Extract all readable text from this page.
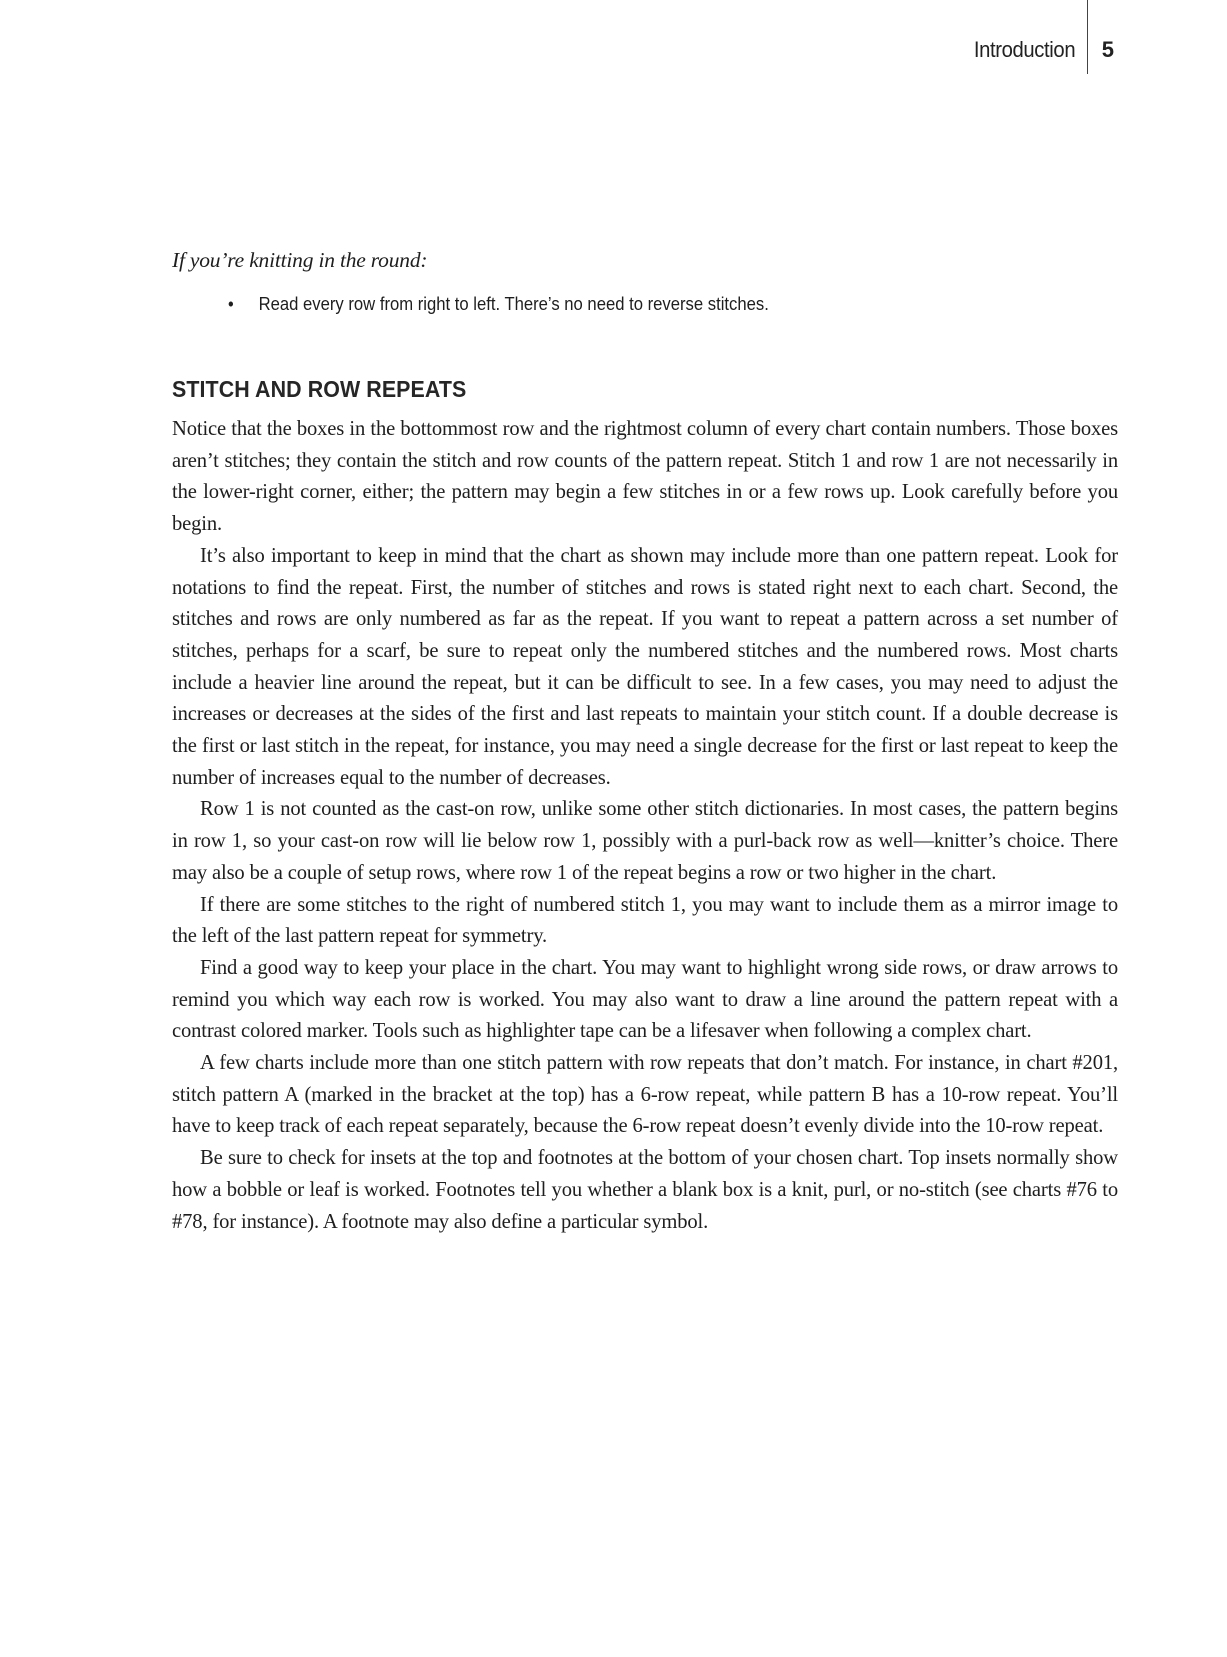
Introduction	5

If you’re knitting in the round:

• Read every row from right to left. There’s no need to reverse stitches.
STITCH AND ROW REPEATS

Notice that the boxes in the bottommost row and the rightmost column of every chart contain numbers. Those boxes aren’t stitches; they contain the stitch and row counts of the pattern repeat. Stitch 1 and row 1 are not necessarily in the lower-right corner, either; the pattern may begin a few stitches in or a few rows up. Look carefully before you begin.

It’s also important to keep in mind that the chart as shown may include more than one pattern repeat. Look for notations to find the repeat. First, the number of stitches and rows is stated right next to each chart. Second, the stitches and rows are only numbered as far as the repeat. If you want to repeat a pattern across a set number of stitches, perhaps for a scarf, be sure to repeat only the numbered stitches and the numbered rows. Most charts include a heavier line around the repeat, but it can be difficult to see. In a few cases, you may need to adjust the increases or decreases at the sides of the first and last repeats to maintain your stitch count. If a double decrease is the first or last stitch in the repeat, for instance, you may need a single decrease for the first or last repeat to keep the number of increases equal to the number of decreases.

Row 1 is not counted as the cast-on row, unlike some other stitch dictionaries. In most cases, the pattern begins in row 1, so your cast-on row will lie below row 1, possibly with a purl-back row as well—knitter’s choice. There may also be a couple of setup rows, where row 1 of the repeat begins a row or two higher in the chart.

If there are some stitches to the right of numbered stitch 1, you may want to include them as a mirror image to the left of the last pattern repeat for symmetry.

Find a good way to keep your place in the chart. You may want to highlight wrong side rows, or draw arrows to remind you which way each row is worked. You may also want to draw a line around the pattern repeat with a contrast colored marker. Tools such as highlighter tape can be a lifesaver when following a complex chart.

A few charts include more than one stitch pattern with row repeats that don’t match. For instance, in chart #201, stitch pattern A (marked in the bracket at the top) has a 6-row repeat, while pattern B has a 10-row repeat. You’ll have to keep track of each repeat separately, because the 6-row repeat doesn’t evenly divide into the 10-row repeat.

Be sure to check for insets at the top and footnotes at the bottom of your chosen chart. Top insets normally show how a bobble or leaf is worked. Footnotes tell you whether a blank box is a knit, purl, or no-stitch (see charts #76 to #78, for instance). A footnote may also define a particular symbol.
